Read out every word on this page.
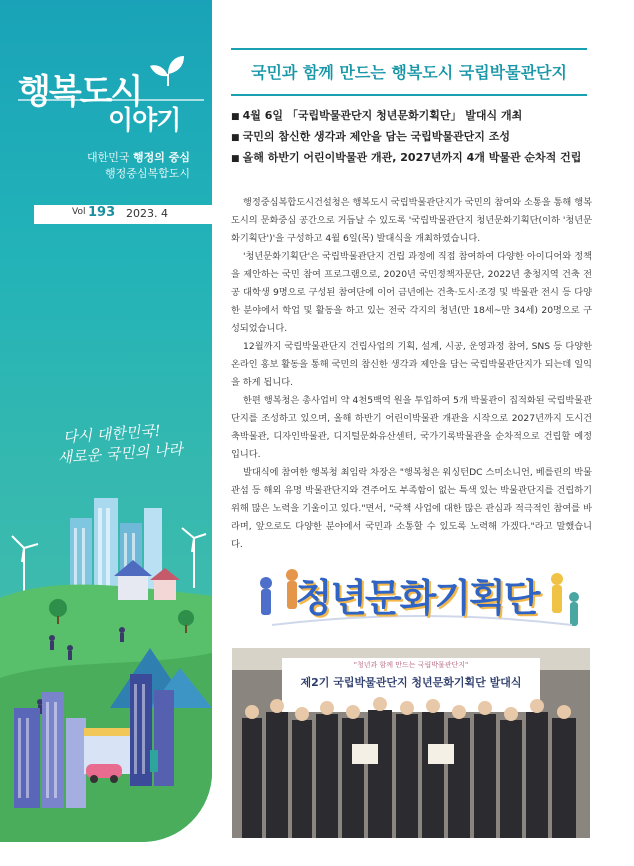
행복도시
이야기
대한민국 행정의 중심
행정중심복합도시
다시 대한민국!
새로운 국민의 나라
Vol 193 2023. 4
국민과 함께 만드는 행복도시 국립박물관단지
■ 4월 6일 「국립박물관단지 청년문화기획단」 발대식 개최
■ 국민의 참신한 생각과 제안을 담는 국립박물관단지 조성
■ 올해 하반기 어린이박물관 개관, 2027년까지 4개 박물관 순차적 건립

행정중심복합도시건설청은 행복도시 국립박물관단지가 국민의 참여와 소통을 통해 행복도시의 문화중심 공간으로 거듭날 수 있도록 '국립박물관단지 청년문화기획단(이하 '청년문화기획단')'을 구성하고 4월 6일(목) 발대식을 개최하였습니다.

'청년문화기획단'은 국립박물관단지 건립 과정에 직접 참여하여 다양한 아이디어와 정책을 제안하는 국민 참여 프로그램으로, 2020년 국민정책자문단, 2022년 충청지역 건축 전공 대학생 9명으로 구성된 참여단에 이어 금년에는 건축·도시·조경 및 박물관 전시 등 다양한 분야에서 학업 및 활동을 하고 있는 전국 각지의 청년(만 18세~만 34세) 20명으로 구성되었습니다.

12월까지 국립박물관단지 건립사업의 기획, 설계, 시공, 운영과정 참여, SNS 등 다양한 온라인 홍보 활동을 통해 국민의 참신한 생각과 제안을 담는 국립박물관단지가 되는데 일익을 하게 됩니다.

한편 행복청은 총사업비 약 4천5백억 원을 투입하여 5개 박물관이 집적화된 국립박물관단지를 조성하고 있으며, 올해 하반기 어린이박물관 개관을 시작으로 2027년까지 도시건축박물관, 디자인박물관, 디지털문화유산센터, 국가기록박물관을 순차적으로 건립할 예정입니다.

발대식에 참여한 행복청 최임락 차장은 "행복청은 워싱턴DC 스미소니언, 베를린의 박물관섬 등 해외 유명 박물관단지와 견주어도 부족함이 없는 특색 있는 박물관단지를 건립하기 위해 많은 노력을 기울이고 있다."면서, "국책 사업에 대한 많은 관심과 적극적인 참여를 바라며, 앞으로도 다양한 분야에서 국민과 소통할 수 있도록 노력해 가겠다."라고 말했습니다.

청년문화기획단
"청년과 함께 만드는 국립박물관단지"
제2기 국립박물관단지 청년문화기획단 발대식
